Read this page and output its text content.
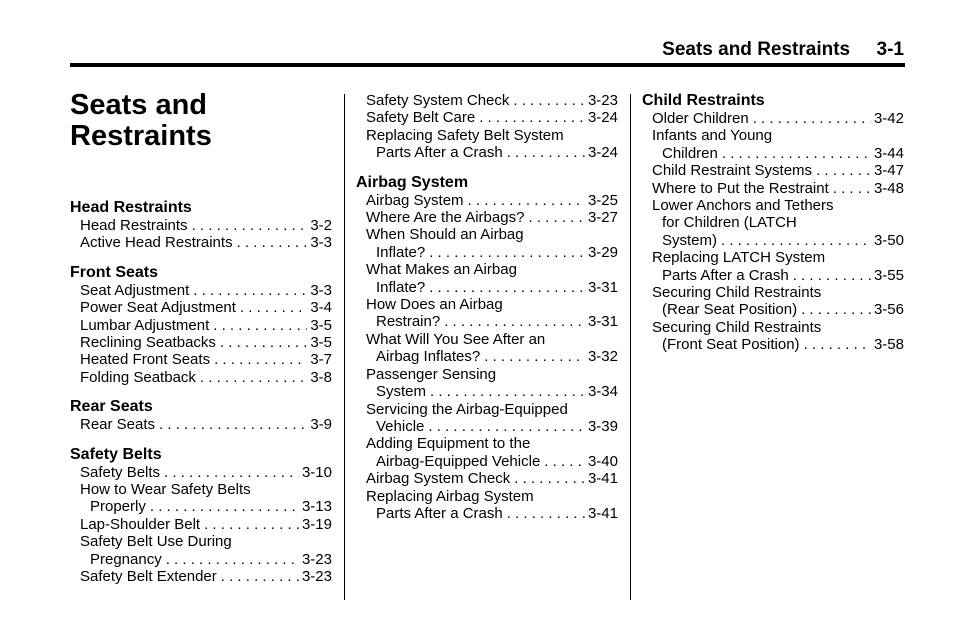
Seats and Restraints 3-1
Seats and
Restraints
Head Restraints
Head Restraints . . .	3-2
Active Head Restraints . . .	3-3
Front Seats
Seat Adjustment . . .	3-3
Power Seat Adjustment . . .	3-4
Lumbar Adjustment . . .	3-5
Reclining Seatbacks . . .	3-5
Heated Front Seats . . .	3-7
Folding Seatback . . .	3-8
Rear Seats
Rear Seats . . .	3-9
Safety Belts
Safety Belts . . .	3-10
How to Wear Safety Belts
Properly . . .	3-13
Lap-Shoulder Belt . . .	3-19
Safety Belt Use During
Pregnancy . . .	3-23
Safety Belt Extender . . .	3-23
Safety System Check . . .	3-23
Safety Belt Care . . .	3-24
Replacing Safety Belt System
Parts After a Crash . . .	3-24
Airbag System
Airbag System . . .	3-25
Where Are the Airbags? . . .	3-27
When Should an Airbag
Inflate? . . .	3-29
What Makes an Airbag
Inflate? . . .	3-31
How Does an Airbag
Restrain? . . .	3-31
What Will You See After an
Airbag Inflates? . . .	3-32
Passenger Sensing
System . . .	3-34
Servicing the Airbag-Equipped
Vehicle . . .	3-39
Adding Equipment to the
Airbag-Equipped Vehicle . . .	3-40
Airbag System Check . . .	3-41
Replacing Airbag System
Parts After a Crash . . .	3-41
Child Restraints
Older Children . . .	3-42
Infants and Young
Children . . .	3-44
Child Restraint Systems . . .	3-47
Where to Put the Restraint . . .	3-48
Lower Anchors and Tethers
for Children (LATCH
System) . . .	3-50
Replacing LATCH System
Parts After a Crash . . .	3-55
Securing Child Restraints
(Rear Seat Position) . . .	3-56
Securing Child Restraints
(Front Seat Position) . . .	3-58
